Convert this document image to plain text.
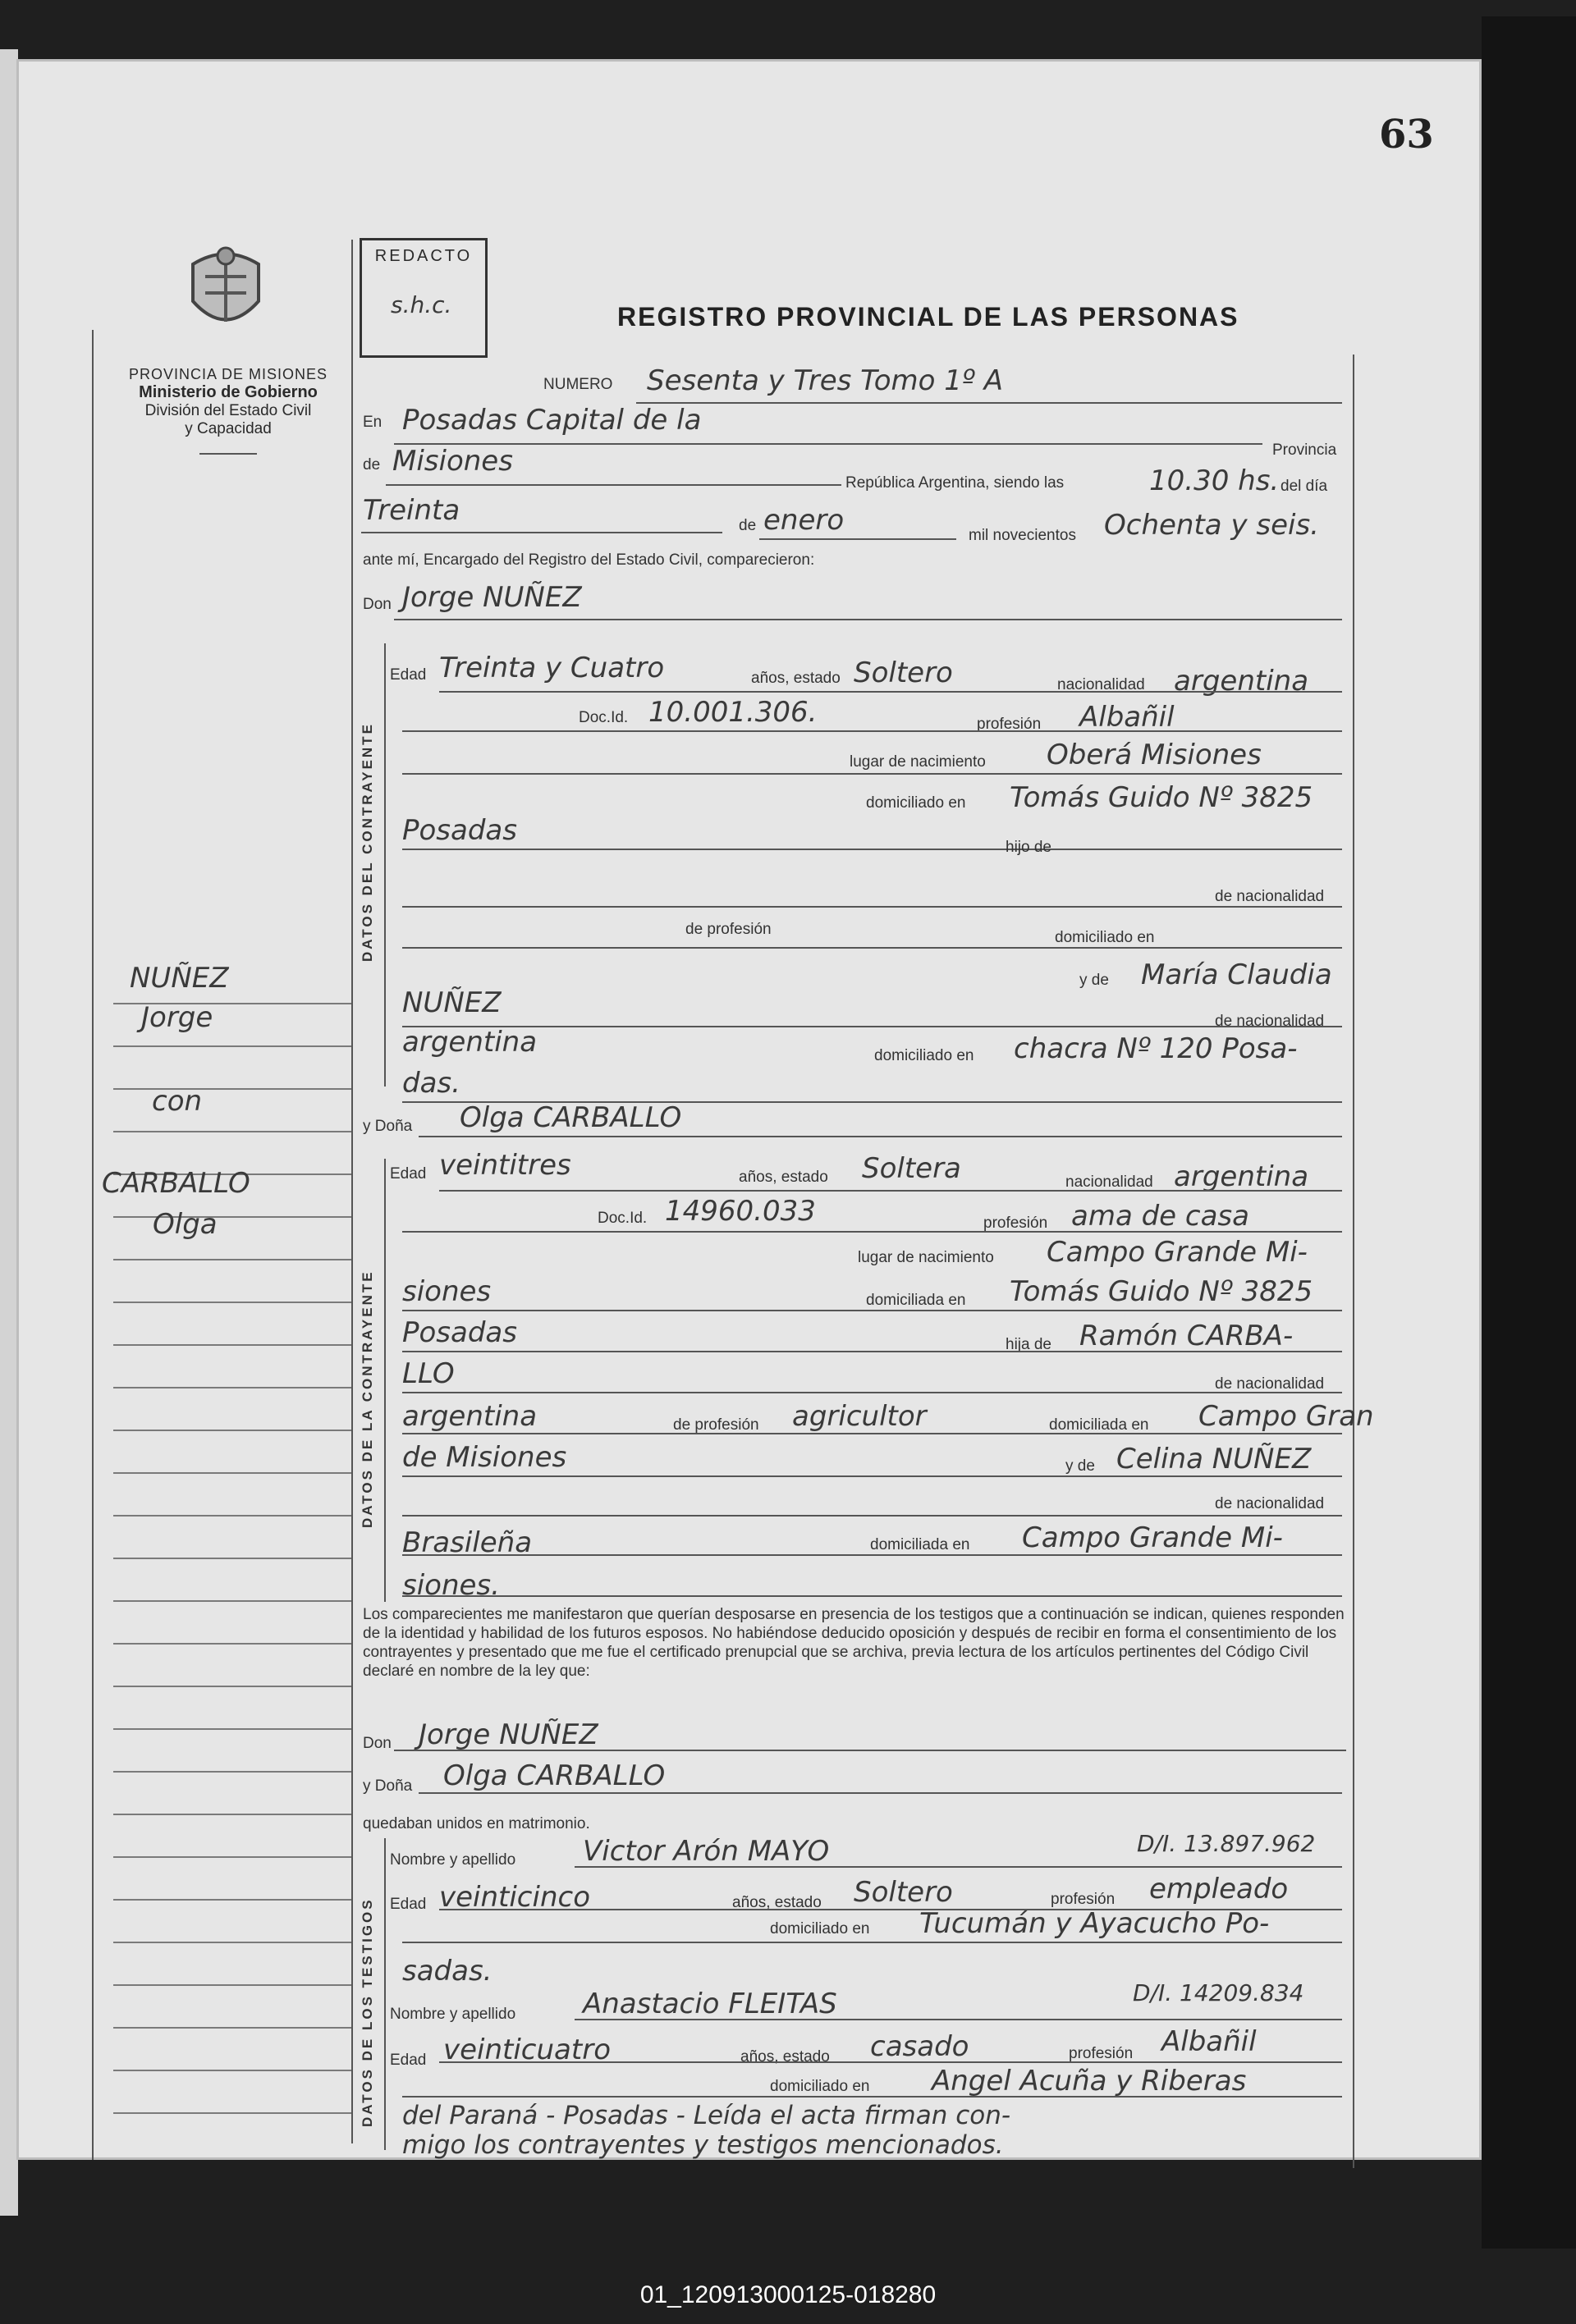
63
PROVINCIA DE MISIONES
Ministerio de Gobierno
División del Estado Civil
y Capacidad
REDACTO
s.h.c.	REGISTRO PROVINCIAL DE LAS PERSONAS
NUÑEZ
Jorge
con
CARBALLO
Olga
NUMERO Sesenta y Tres Tomo 1º A
En Posadas Capital de la
Provincia
de Misiones
República Argentina, siendo las	10.30 hs. del día
Treinta	de enero	mil novecientos Ochenta y seis.
ante mí, Encargado del Registro del Estado Civil, comparecieron:
Don Jorge NUÑEZ
DATOS DEL CONTRAYENTE
Edad Treinta y Cuatro	años, estado Soltero	nacionalidad argentina
Doc.Id. 10.001.306.	profesión Albañil
lugar de nacimiento Oberá Misiones
domiciliado en Tomás Guido Nº 3825
Posadas
hijo de
de nacionalidad
de profesión	domiciliado en
y de María Claudia
NUÑEZ
de nacionalidad
argentina	domiciliado en chacra Nº 120 Posa-
das.
y Doña Olga CARBALLO
DATOS DE LA CONTRAYENTE
Edad veintitres	años, estado Soltera	nacionalidad argentina
Doc.Id. 14960.033	profesión ama de casa
lugar de nacimiento Campo Grande Mi-
siones	domiciliada en Tomás Guido Nº 3825
Posadas	hija de Ramón CARBA-
LLO	de nacionalidad
argentina	de profesión agricultor	domiciliada en Campo Gran
de Misiones	y de Celina NUÑEZ
de nacionalidad
Brasileña	domiciliada en Campo Grande Mi-
siones.
Los comparecientes me manifestaron que querían desposarse en presencia de los testigos que a continuación se indican, quienes responden de la identidad y habilidad de los futuros esposos. No habiéndose deducido oposición y después de recibir en forma el consentimiento de los contrayentes y presentado que me fue el certificado prenupcial que se archiva, previa lectura de los artículos pertinentes del Código Civil declaré en nombre de la ley que:
Don Jorge NUÑEZ
y Doña Olga CARBALLO
quedaban unidos en matrimonio.
DATOS DE LOS TESTIGOS
Nombre y apellido Victor Arón MAYO	D/I. 13.897.962
Edad veinticinco	años, estado Soltero	profesión empleado
domiciliado en Tucumán y Ayacucho Po-
sadas.
Nombre y apellido Anastacio FLEITAS	D/I. 14209.834
Edad veinticuatro	años, estado casado	profesión Albañil
domiciliado en Angel Acuña y Riberas
del Paraná - Posadas - Leída el acta firman con-
migo los contrayentes y testigos mencionados.
01_120913000125-018280
